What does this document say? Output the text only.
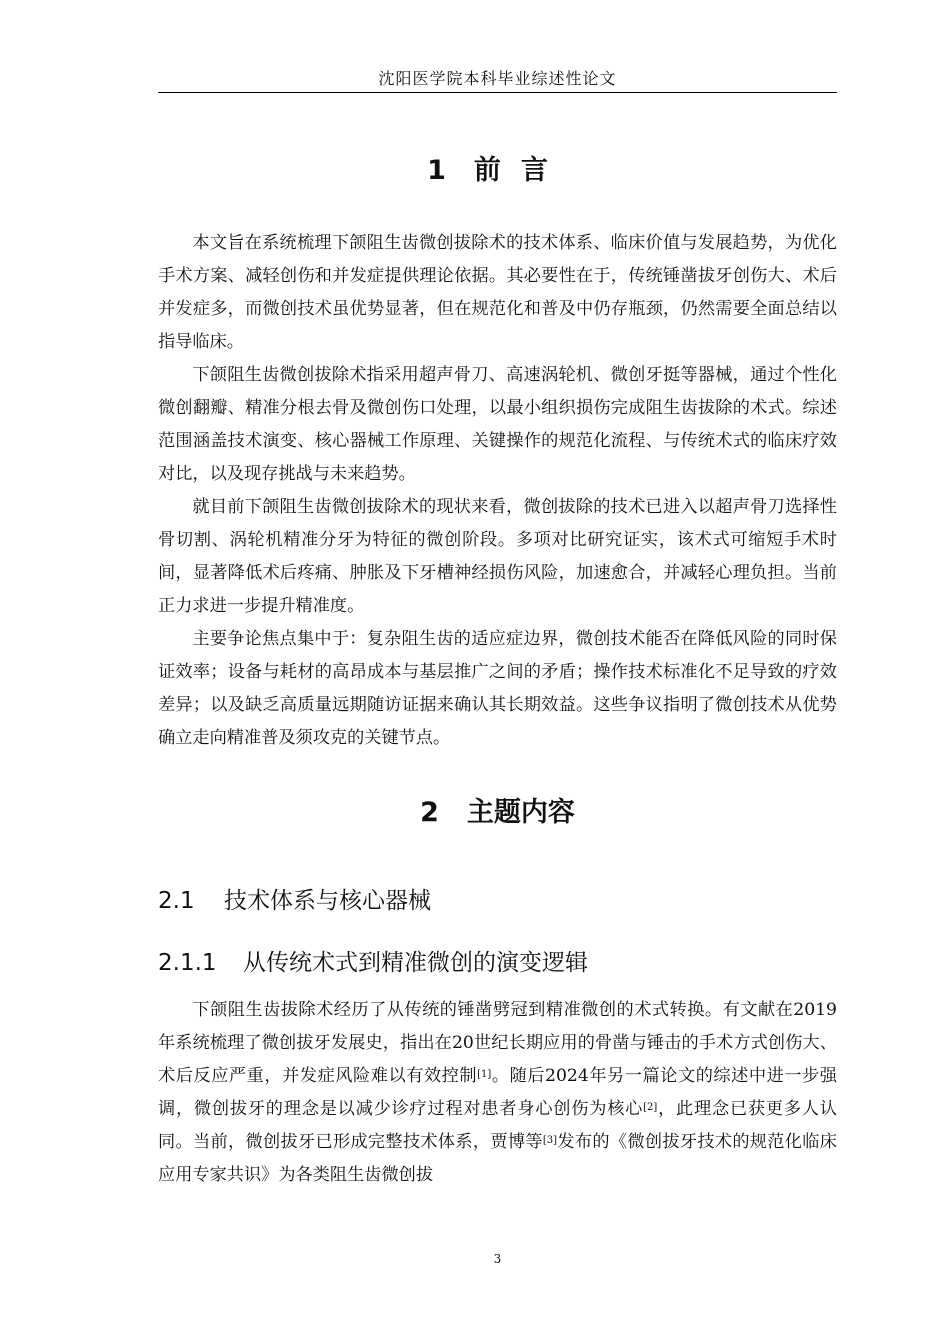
沈阳医学院本科毕业综述性论文
1 前言

本文旨在系统梳理下颌阻生齿微创拔除术的技术体系、临床价值与发展趋势，为优化手术方案、减轻创伤和并发症提供理论依据。其必要性在于，传统锤凿拔牙创伤大、术后并发症多，而微创技术虽优势显著，但在规范化和普及中仍存瓶颈，仍然需要全面总结以指导临床。

下颌阻生齿微创拔除术指采用超声骨刀、高速涡轮机、微创牙挺等器械，通过个性化微创翻瓣、精准分根去骨及微创伤口处理，以最小组织损伤完成阻生齿拔除的术式。综述范围涵盖技术演变、核心器械工作原理、关键操作的规范化流程、与传统术式的临床疗效对比，以及现存挑战与未来趋势。

就目前下颌阻生齿微创拔除术的现状来看，微创拔除的技术已进入以超声骨刀选择性骨切割、涡轮机精准分牙为特征的微创阶段。多项对比研究证实，该术式可缩短手术时间，显著降低术后疼痛、肿胀及下牙槽神经损伤风险，加速愈合，并减轻心理负担。当前正力求进一步提升精准度。

主要争论焦点集中于：复杂阻生齿的适应症边界，微创技术能否在降低风险的同时保证效率；设备与耗材的高昂成本与基层推广之间的矛盾；操作技术标准化不足导致的疗效差异；以及缺乏高质量远期随访证据来确认其长期效益。这些争议指明了微创技术从优势确立走向精准普及须攻克的关键节点。

2 主题内容
2.1 技术体系与核心器械
2.1.1 从传统术式到精准微创的演变逻辑

下颌阻生齿拔除术经历了从传统的锤凿劈冠到精准微创的术式转换。有文献在2019年系统梳理了微创拔牙发展史，指出在20世纪长期应用的骨凿与锤击的手术方式创伤大、术后反应严重，并发症风险难以有效控制[1]。随后2024年另一篇论文的综述中进一步强调，微创拔牙的理念是以减少诊疗过程对患者身心创伤为核心[2]，此理念已获更多人认同。当前，微创拔牙已形成完整技术体系，贾博等[3]发布的《微创拔牙技术的规范化临床应用专家共识》为各类阻生齿微创拔

3
